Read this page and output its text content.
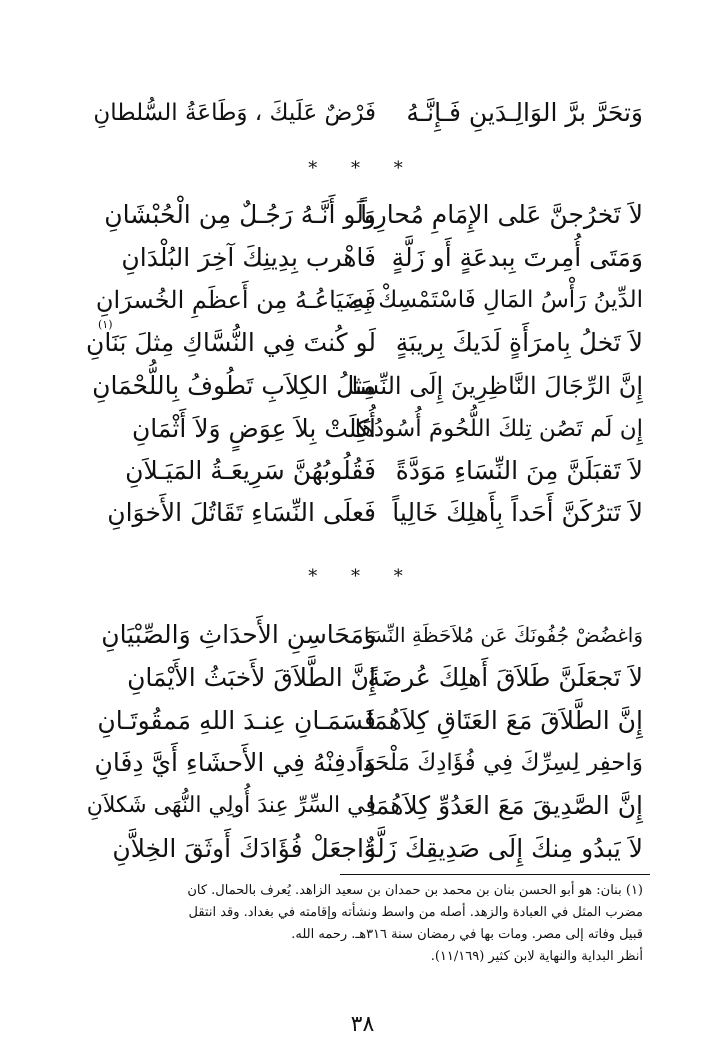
وَتحَرَّ برَّ الوَالِـدَينِ فَـإِنَّـهُ
فَرْضٌ عَلَيكَ ، وَطَاعَةُ السُّلطانِ
* * *
لاَ تَخرُجنَّ عَلى الإِمَامِ مُحارِباً
وَلَو أَنَّـهُ رَجُـلٌ مِن الْحُبْشَانِ
وَمَتَى أُمِرتَ بِبدعَةٍ أَو زَلَّةٍ
فَاهْرب بِدِينِكَ آخِرَ البُلْدَانِ
الدِّينُ رَأْسُ المَالِ فَاسْتَمْسِكْ بِهِ
فَضَيَاعُـهُ مِن أَعظَمِ الخُسرَانِ
لاَ تَخلُ بِامرَأَةٍ لَدَيكَ بِريبَةٍ
لَو كُنتَ فِي النُّسَّاكِ مِثلَ بَنَانِ
(١)
إِنَّ الرِّجَالَ النَّاظِرِينَ إِلَى النِّسَا
مِثلُ الكِلاَبِ تَطُوفُ بِاللُّحْمَانِ
إِن لَم تَصُن تِلكَ اللُّحُومَ أُسُودُهَا
أُكِلَتْ بِلاَ عِوَضٍ وَلاَ أَثْمَانِ
لاَ تَقبَلَنَّ مِنَ النِّسَاءِ مَوَدَّةً
فَقُلُوبُهُنَّ سَرِيعَـةُ المَيَـلاَنِ
لاَ تَترُكَنَّ أَحَداً بِأَهلِكَ خَالِياً
فَعلَى النِّسَاءِ تَقَاتُلَ الأَخوَانِ
* * *
وَاغضُضْ جُفُونَكَ عَن مُلاَحَظَةِ النِّسَا
وَمَحَاسِنِ الأَحدَاثِ وَالصِّبْيَانِ
لاَ تَجعَلَنَّ طَلاَقَ أَهلِكَ عُرضَةً
إِنَّ الطَّلاَقَ لأَخبَثُ الأَيْمَانِ
إِنَّ الطَّلاَقَ مَعَ العَتَاقِ كِلاَهُمَا
قَسَمَـانِ عِنـدَ اللهِ مَمقُوتَـانِ
وَاحفِر لِسِرِّكَ فِي فُؤَادِكَ مَلْحَداً
وَادفِنْهُ فِي الأَحشَاءِ أَيَّ دِفَانِ
إِنَّ الصَّدِيقَ مَعَ العَدُوِّ كِلاَهُمَا
فِي السِّرِّ عِندَ أُولِي النُّهَى شَكلاَنِ
لاَ يَبدُو مِنكَ إِلَى صَدِيقِكَ زَلَّةٌ
وَاجعَلْ فُؤَادَكَ أَوثَقَ الخِلاَّنِ
(١) بنان: هو أبو الحسن بنان بن محمد بن حمدان بن سعيد الزاهد. يُعرف بالحمال. كان
مضرب المثل في العبادة والزهد. أصله من واسط ونشأته وإقامته في بغداد. وقد انتقل
قبيل وفاته إلى مصر. ومات بها في رمضان سنة ٣١٦هـ. رحمه الله.
أنظر البداية والنهاية لابن كثير (١١/١٦٩).
٣٨
